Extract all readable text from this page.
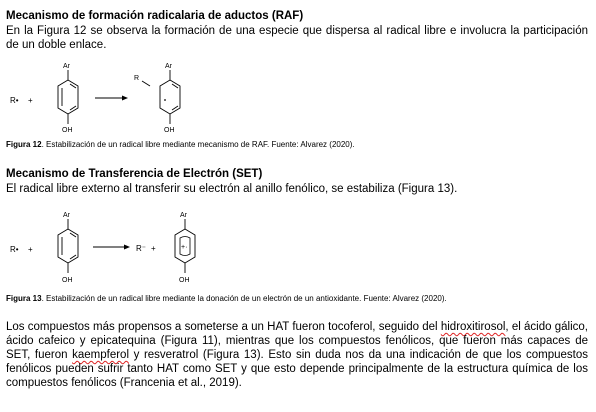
Mecanismo de formación radicalaria de aductos (RAF)
En la Figura 12 se observa la formación de una especie que dispersa al radical libre e involucra la participación de un doble enlace.
R• +
Ar
OH
R
Ar
OH
Figura 12. Estabilización de un radical libre mediante mecanismo de RAF. Fuente: Alvarez (2020).
Mecanismo de Transferencia de Electrón (SET)
El radical libre externo al transferir su electrón al anillo fenólico, se estabiliza (Figura 13).
R• +
Ar
OH
R⁻ +	+·
Ar
OH
Figura 13. Estabilización de un radical libre mediante la donación de un electrón de un antioxidante. Fuente: Alvarez (2020).
Los compuestos más propensos a someterse a un HAT fueron tocoferol, seguido del hidroxitirosol, el ácido gálico, ácido cafeico y epicatequina (Figura 11), mientras que los compuestos fenólicos, que fueron más capaces de SET, fueron kaempferol y resveratrol (Figura 13). Esto sin duda nos da una indicación de que los compuestos fenólicos pueden sufrir tanto HAT como SET y que esto depende principalmente de la estructura química de los compuestos fenólicos (Francenia et al., 2019).
